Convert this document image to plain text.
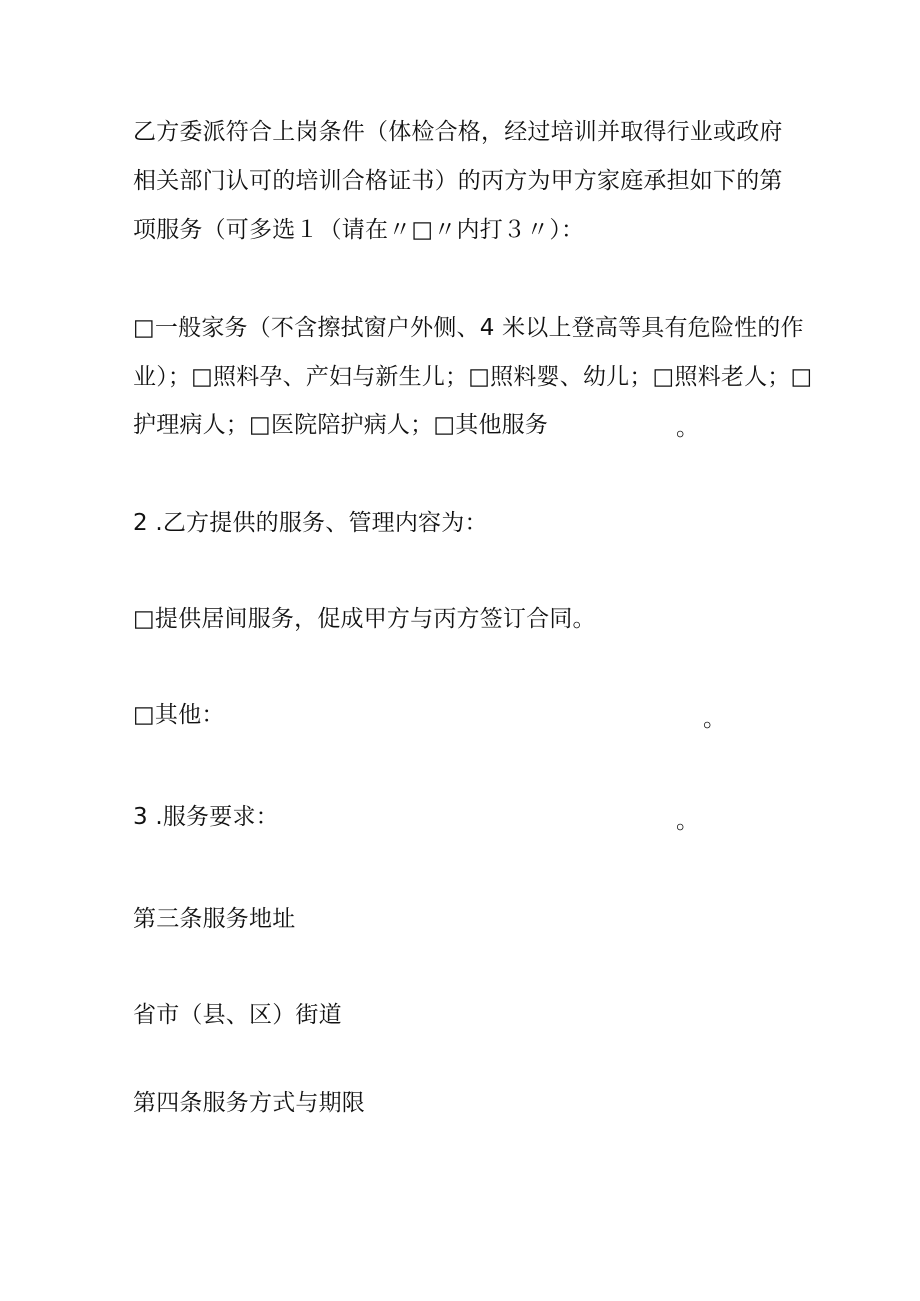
乙方委派符合上岗条件（体检合格，经过培训并取得行业或政府
相关部门认可的培训合格证书）的丙方为甲方家庭承担如下的第
项服务（可多选１（请在〃□〃内打３〃）：
□一般家务（不含擦拭窗户外侧、4 米以上登高等具有危险性的作
业）；□照料孕、产妇与新生儿；□照料婴、幼儿；□照料老人；□
护理病人；□医院陪护病人；□其他服务	。
2 .乙方提供的服务、管理内容为：
□提供居间服务，促成甲方与丙方签订合同。
□其他：	。
3 .服务要求：	。
第三条服务地址
省市（县、区）街道
第四条服务方式与期限
